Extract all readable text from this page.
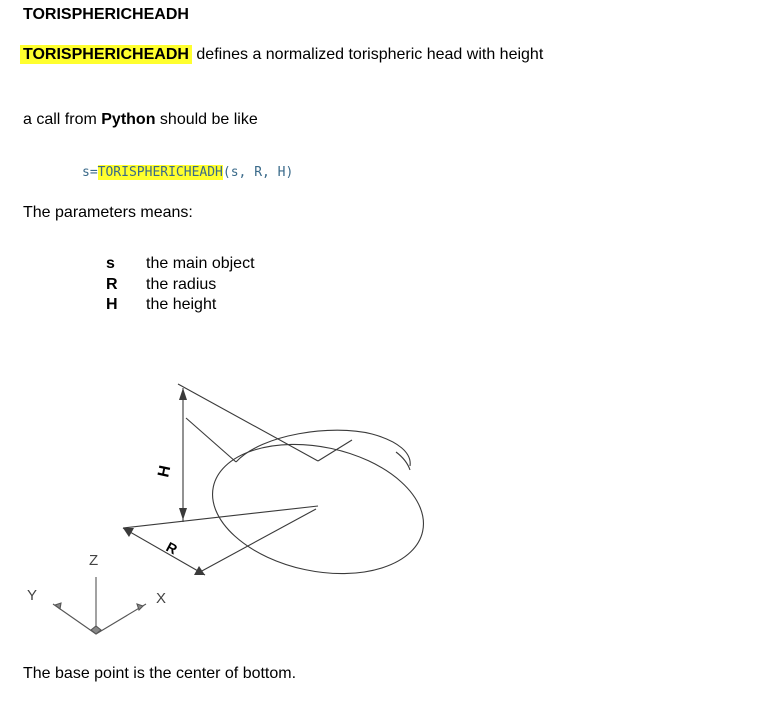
TORISPHERICHEADH
TORISPHERICHEADH defines a normalized torispheric head with height
a call from Python should be like
s=TORISPHERICHEADH(s, R, H)
The parameters means:
s	the main object
R	the radius
H	the height
H
R
Z
Y	X
The base point is the center of bottom.
